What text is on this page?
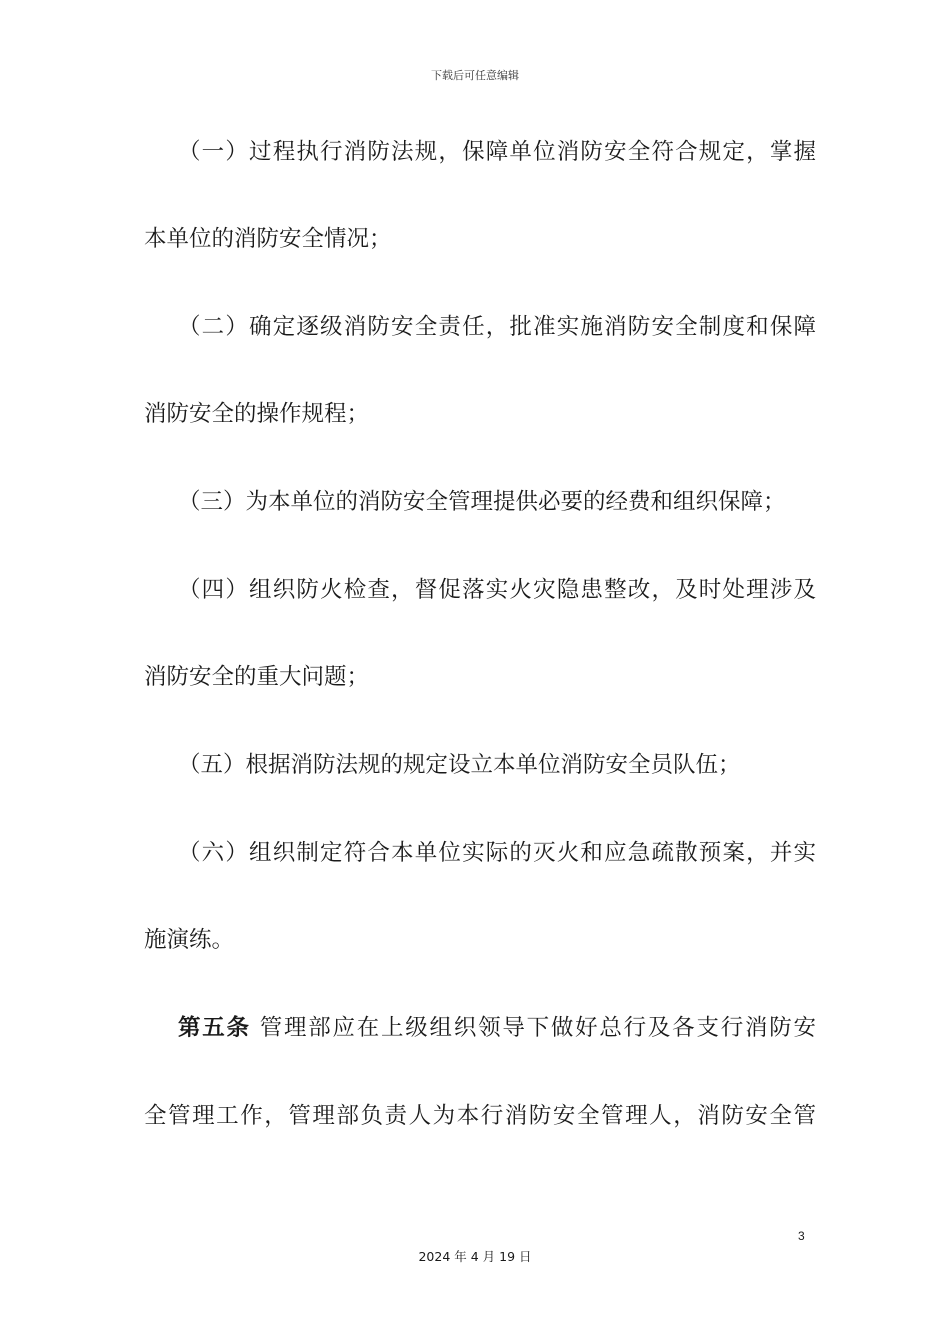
下载后可任意编辑
（一）过程执行消防法规，保障单位消防安全符合规定，掌握
本单位的消防安全情况；
（二）确定逐级消防安全责任，批准实施消防安全制度和保障
消防安全的操作规程；
（三）为本单位的消防安全管理提供必要的经费和组织保障；
（四）组织防火检查，督促落实火灾隐患整改，及时处理涉及
消防安全的重大问题；
（五）根据消防法规的规定设立本单位消防安全员队伍；
（六）组织制定符合本单位实际的灭火和应急疏散预案，并实
施演练。
第五条 管理部应在上级组织领导下做好总行及各支行消防安
全管理工作，管理部负责人为本行消防安全管理人，消防安全管
3
2024 年 4 月 19 日
